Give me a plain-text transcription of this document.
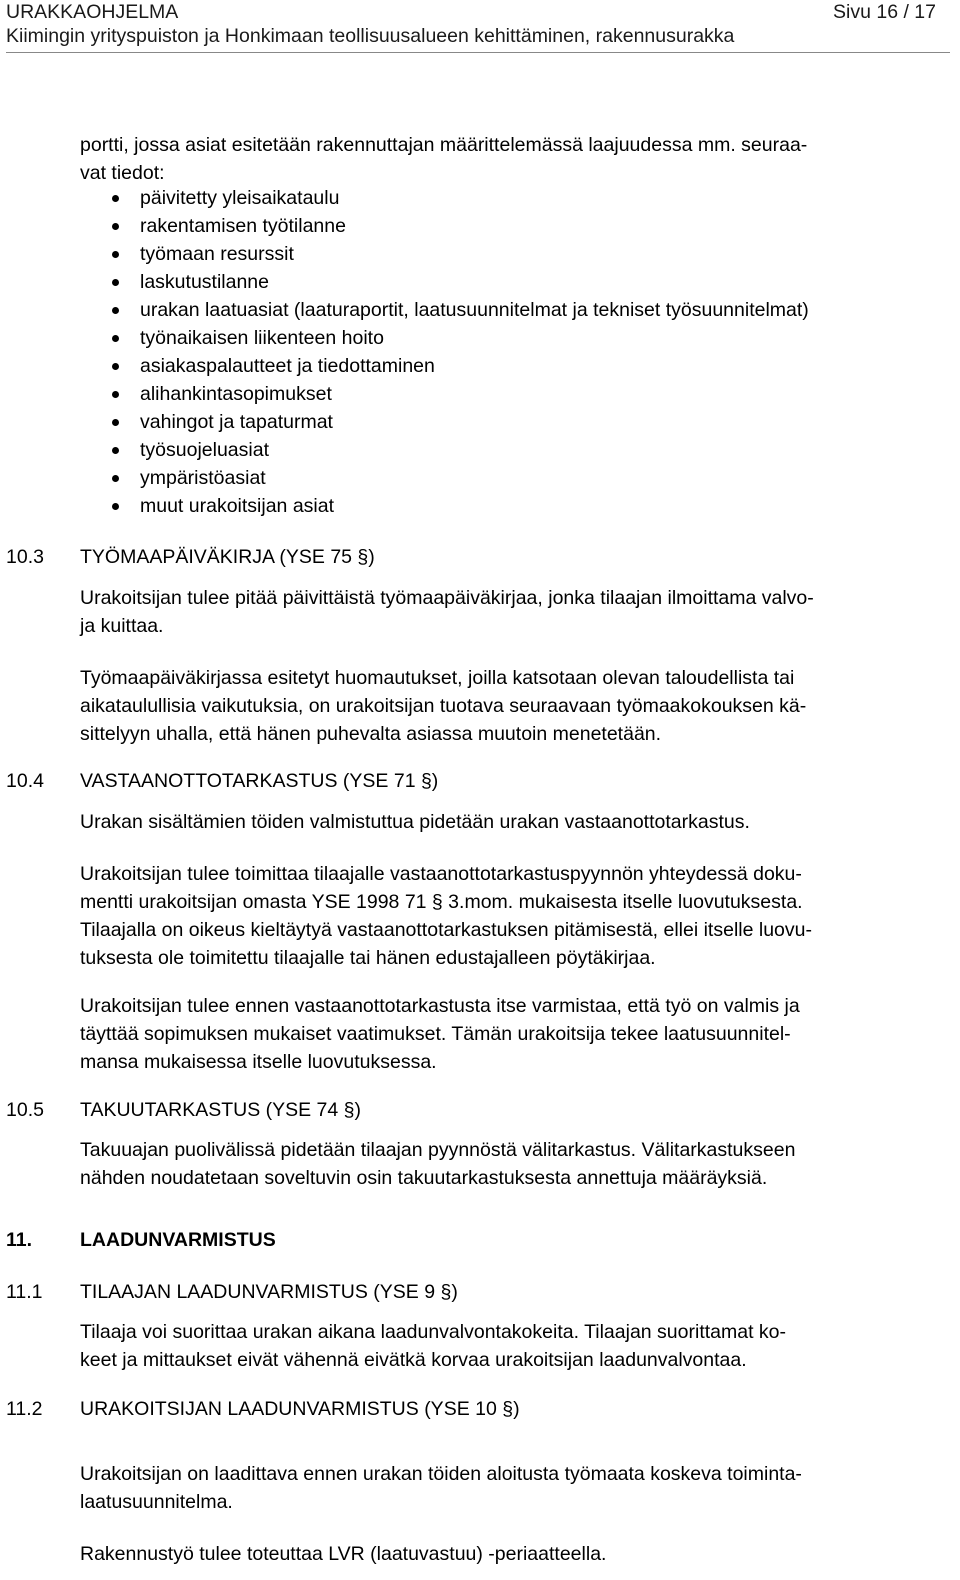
URAKKAOHJELMA	Sivu 16 / 17
Kiimingin yrityspuiston ja Honkimaan teollisuusalueen kehittäminen, rakennusurakka
portti, jossa asiat esitetään rakennuttajan määrittelemässä laajuudessa mm. seuraa-
vat tiedot:
päivitetty yleisaikataulu
rakentamisen työtilanne
työmaan resurssit
laskutustilanne
urakan laatuasiat (laaturaportit, laatusuunnitelmat ja tekniset työsuunnitelmat)
työnaikaisen liikenteen hoito
asiakaspalautteet ja tiedottaminen
alihankintasopimukset
vahingot ja tapaturmat
työsuojeluasiat
ympäristöasiat
muut urakoitsijan asiat
10.3	TYÖMAAPÄIVÄKIRJA (YSE 75 §)
Urakoitsijan tulee pitää päivittäistä työmaapäiväkirjaa, jonka tilaajan ilmoittama valvo-
ja kuittaa.
Työmaapäiväkirjassa esitetyt huomautukset, joilla katsotaan olevan taloudellista tai
aikataulullisia vaikutuksia, on urakoitsijan tuotava seuraavaan työmaakokouksen kä-
sittelyyn uhalla, että hänen puhevalta asiassa muutoin menetetään.
10.4	VASTAANOTTOTARKASTUS (YSE 71 §)
Urakan sisältämien töiden valmistuttua pidetään urakan vastaanottotarkastus.
Urakoitsijan tulee toimittaa tilaajalle vastaanottotarkastuspyynnön yhteydessä doku-
mentti urakoitsijan omasta YSE 1998 71 § 3.mom. mukaisesta itselle luovutuksesta.
Tilaajalla on oikeus kieltäytyä vastaanottotarkastuksen pitämisestä, ellei itselle luovu-
tuksesta ole toimitettu tilaajalle tai hänen edustajalleen pöytäkirjaa.
Urakoitsijan tulee ennen vastaanottotarkastusta itse varmistaa, että työ on valmis ja
täyttää sopimuksen mukaiset vaatimukset. Tämän urakoitsija tekee laatusuunnitel-
mansa mukaisessa itselle luovutuksessa.
10.5	TAKUUTARKASTUS (YSE 74 §)
Takuuajan puolivälissä pidetään tilaajan pyynnöstä välitarkastus. Välitarkastukseen
nähden noudatetaan soveltuvin osin takuutarkastuksesta annettuja määräyksiä.
11.	LAADUNVARMISTUS
11.1	TILAAJAN LAADUNVARMISTUS (YSE 9 §)
Tilaaja voi suorittaa urakan aikana laadunvalvontakokeita. Tilaajan suorittamat ko-
keet ja mittaukset eivät vähennä eivätkä korvaa urakoitsijan laadunvalvontaa.
11.2	URAKOITSIJAN LAADUNVARMISTUS (YSE 10 §)
Urakoitsijan on laadittava ennen urakan töiden aloitusta työmaata koskeva toiminta-
laatusuunnitelma.
Rakennustyö tulee toteuttaa LVR (laatuvastuu) -periaatteella.
